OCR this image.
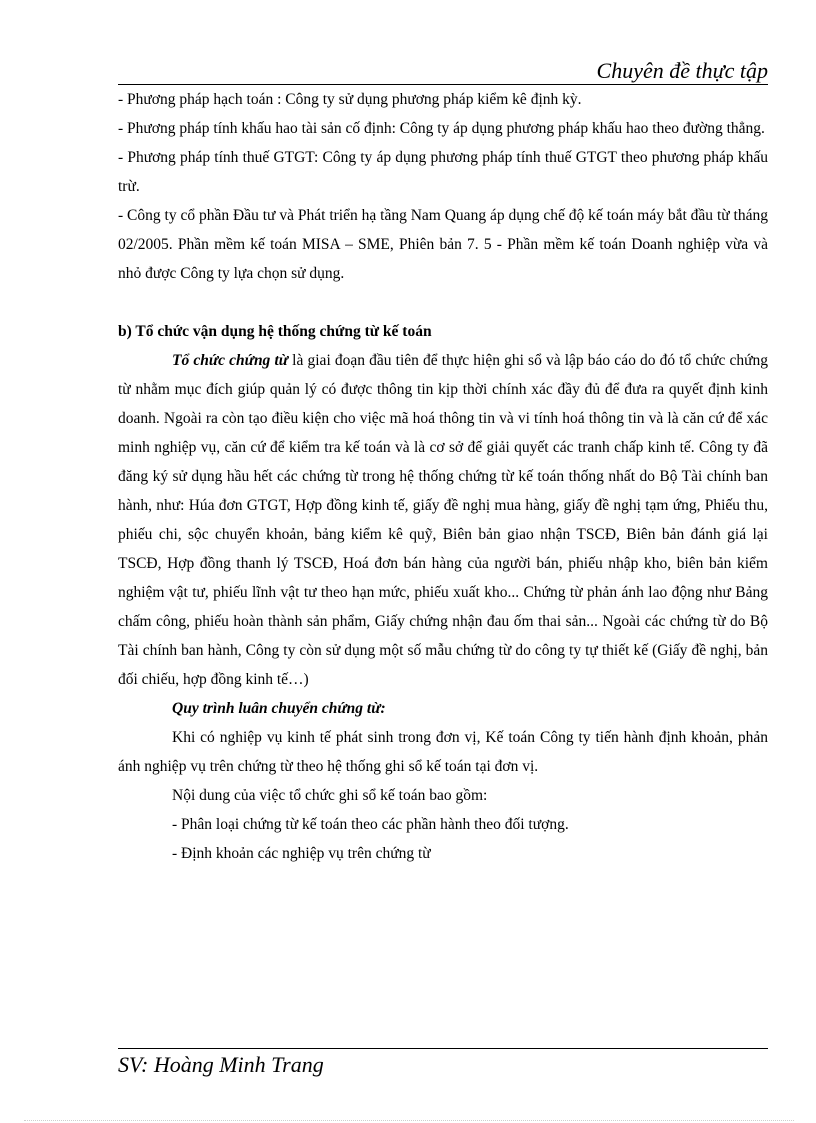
Chuyên đề thực tập

- Phương pháp hạch toán : Công ty sử dụng phương pháp kiểm kê định kỳ.

- Phương pháp tính khấu hao tài sản cố định: Công ty áp dụng phương pháp khấu hao theo đường thẳng.

- Phương pháp tính thuế GTGT: Công ty áp dụng phương pháp tính thuế GTGT theo phương pháp khấu trừ.

- Công ty cổ phần Đầu tư và Phát triển hạ tầng Nam Quang áp dụng chế độ kế toán máy bắt đầu từ tháng 02/2005. Phần mềm kế toán MISA – SME, Phiên bản 7. 5 - Phần mềm kế toán Doanh nghiệp vừa và nhỏ được Công ty lựa chọn sử dụng.

b) Tổ chức vận dụng hệ thống chứng từ kế toán

Tổ chức chứng từ là giai đoạn đầu tiên để thực hiện ghi sổ và lập báo cáo do đó tổ chức chứng từ nhằm mục đích giúp quản lý có được thông tin kịp thời chính xác đầy đủ để đưa ra quyết định kinh doanh. Ngoài ra còn tạo điều kiện cho việc mã hoá thông tin và vi tính hoá thông tin và là căn cứ để xác minh nghiệp vụ, căn cứ để kiểm tra kế toán và là cơ sở để giải quyết các tranh chấp kinh tế. Công ty đã đăng ký sử dụng hầu hết các chứng từ trong hệ thống chứng từ kế toán thống nhất do Bộ Tài chính ban hành, như: Húa đơn GTGT, Hợp đồng kinh tế, giấy đề nghị mua hàng, giấy đề nghị tạm ứng, Phiếu thu, phiếu chi, sộc chuyển khoản, bảng kiểm kê quỹ, Biên bản giao nhận TSCĐ, Biên bản đánh giá lại TSCĐ, Hợp đồng thanh lý TSCĐ, Hoá đơn bán hàng của người bán, phiếu nhập kho, biên bản kiểm nghiệm vật tư, phiếu lĩnh vật tư theo hạn mức, phiếu xuất kho... Chứng từ phản ánh lao động như Bảng chấm công, phiếu hoàn thành sản phẩm, Giấy chứng nhận đau ốm thai sản... Ngoài các chứng từ do Bộ Tài chính ban hành, Công ty còn sử dụng một số mẫu chứng từ do công ty tự thiết kế (Giấy đề nghị, bản đối chiếu, hợp đồng kinh tế…)

Quy trình luân chuyển chứng từ:

Khi có nghiệp vụ kinh tế phát sinh trong đơn vị, Kế toán Công ty tiến hành định khoản, phản ánh nghiệp vụ trên chứng từ theo hệ thống ghi sổ kế toán tại đơn vị.

Nội dung của việc tổ chức ghi sổ kế toán bao gồm:

- Phân loại chứng từ kế toán theo các phần hành theo đối tượng.

- Định khoản các nghiệp vụ trên chứng từ

SV: Hoàng Minh Trang
